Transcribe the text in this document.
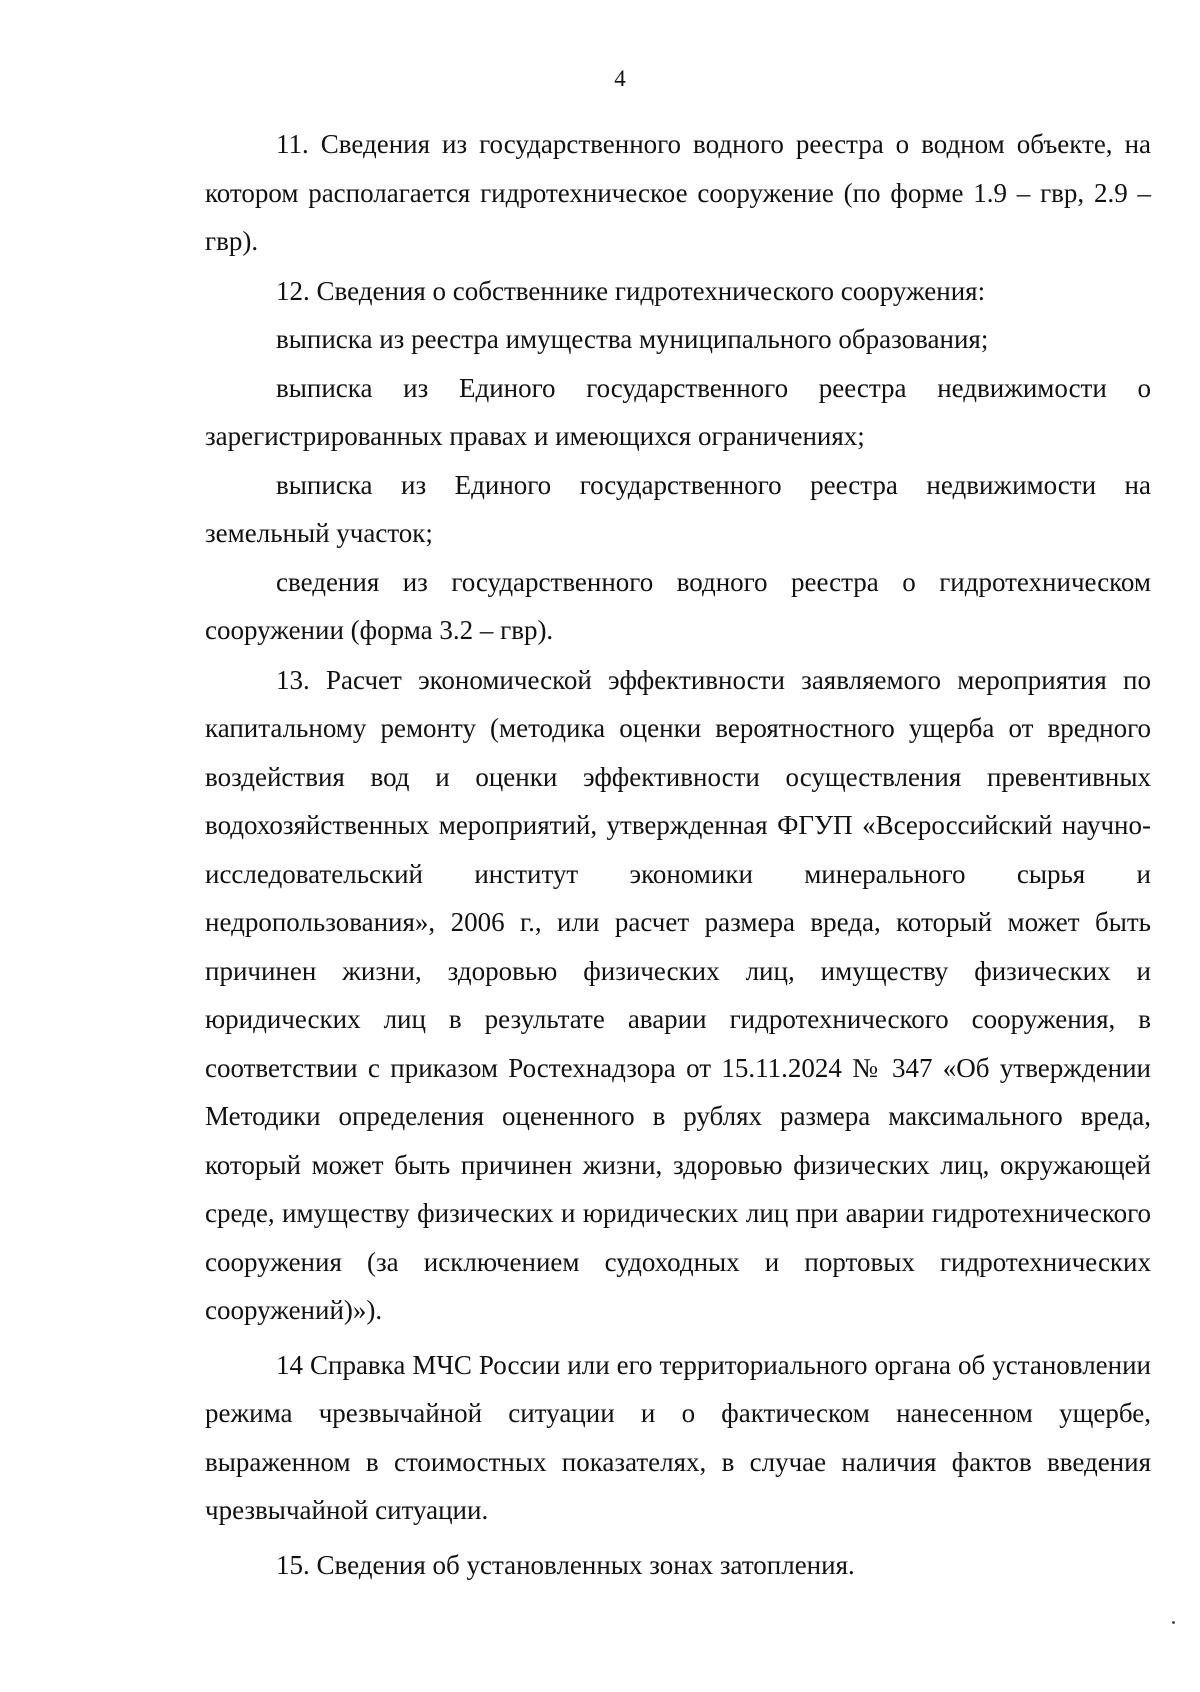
4

11. Сведения из государственного водного реестра о водном объекте, на котором располагается гидротехническое сооружение (по форме 1.9 – гвр, 2.9 – гвр).

12. Сведения о собственнике гидротехнического сооружения:

выписка из реестра имущества муниципального образования;

выписка из Единого государственного реестра недвижимости о зарегистрированных правах и имеющихся ограничениях;

выписка из Единого государственного реестра недвижимости на земельный участок;

сведения из государственного водного реестра о гидротехническом сооружении (форма 3.2 – гвр).

13. Расчет экономической эффективности заявляемого мероприятия по капитальному ремонту (методика оценки вероятностного ущерба от вредного воздействия вод и оценки эффективности осуществления превентивных водохозяйственных мероприятий, утвержденная ФГУП «Всероссийский научно-исследовательский институт экономики минерального сырья и недропользования», 2006 г., или расчет размера вреда, который может быть причинен жизни, здоровью физических лиц, имуществу физических и юридических лиц в результате аварии гидротехнического сооружения, в соответствии с приказом Ростехнадзора от 15.11.2024 № 347 «Об утверждении Методики определения оцененного в рублях размера максимального вреда, который может быть причинен жизни, здоровью физических лиц, окружающей среде, имуществу физических и юридических лиц при аварии гидротехнического сооружения (за исключением судоходных и портовых гидротехнических сооружений)»).

14 Справка МЧС России или его территориального органа об установлении режима чрезвычайной ситуации и о фактическом нанесенном ущербе, выраженном в стоимостных показателях, в случае наличия фактов введения чрезвычайной ситуации.

15. Сведения об установленных зонах затопления.
